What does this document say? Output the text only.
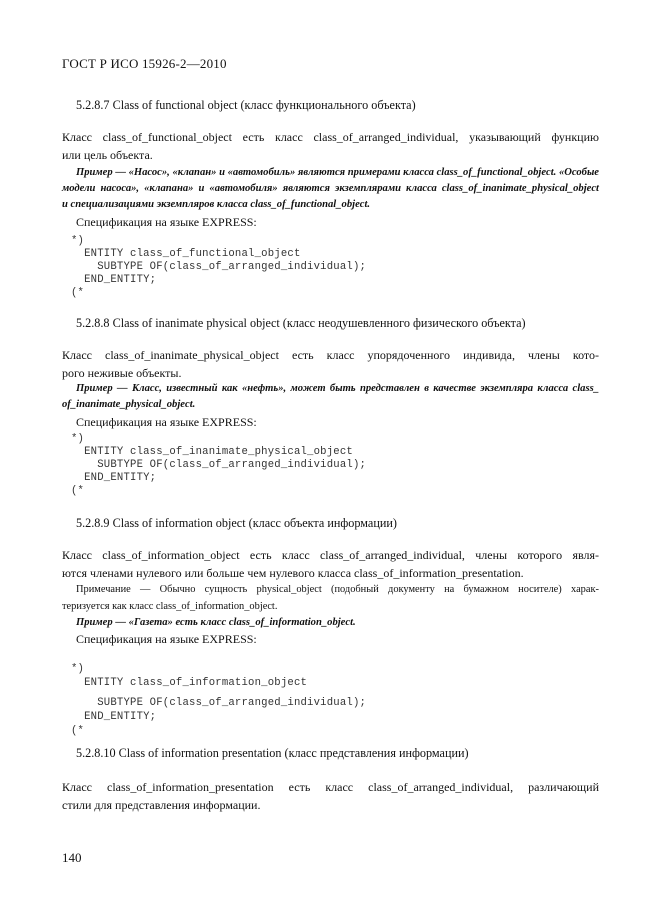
ГОСТ Р ИСО 15926-2—2010
5.2.8.7 Class of functional object (класс функционального объекта)
Класс class_of_functional_object есть класс class_of_arranged_individual, указывающий функцию
или цель объекта.
Пример — «Насос», «клапан» и «автомобиль» являются примерами класса class_of_functional_object. «Особые
модели насоса», «клапана» и «автомобиля» являются экземплярами класса class_of_inanimate_physical_object
и специализациями экземпляров класса class_of_functional_object.
Спецификация на языке EXPRESS:
*)
ENTITY class_of_functional_object
SUBTYPE OF(class_of_arranged_individual);
END_ENTITY;
(*
5.2.8.8 Class of inanimate physical object (класс неодушевленного физического объекта)
Класс class_of_inanimate_physical_object есть класс упорядоченного индивида, члены кото-
рого неживые объекты.
Пример — Класс, известный как «нефть», может быть представлен в качестве экземпляра класса class_
of_inanimate_physical_object.
Спецификация на языке EXPRESS:
*)
ENTITY class_of_inanimate_physical_object
SUBTYPE OF(class_of_arranged_individual);
END_ENTITY;
(*
5.2.8.9 Class of information object (класс объекта информации)
Класс class_of_information_object есть класс class_of_arranged_individual, члены которого явля-
ются членами нулевого или больше чем нулевого класса class_of_information_presentation.
Примечание — Обычно сущность physical_object (подобный документу на бумажном носителе) харак-
теризуется как класс class_of_information_object.
Пример — «Газета» есть класс class_of_information_object.
Спецификация на языке EXPRESS:
*)
ENTITY class_of_information_object
SUBTYPE OF(class_of_arranged_individual);
END_ENTITY;
(*
5.2.8.10 Class of information presentation (класс представления информации)
Класс class_of_information_presentation есть класс class_of_arranged_individual, различающий
стили для представления информации.
140
